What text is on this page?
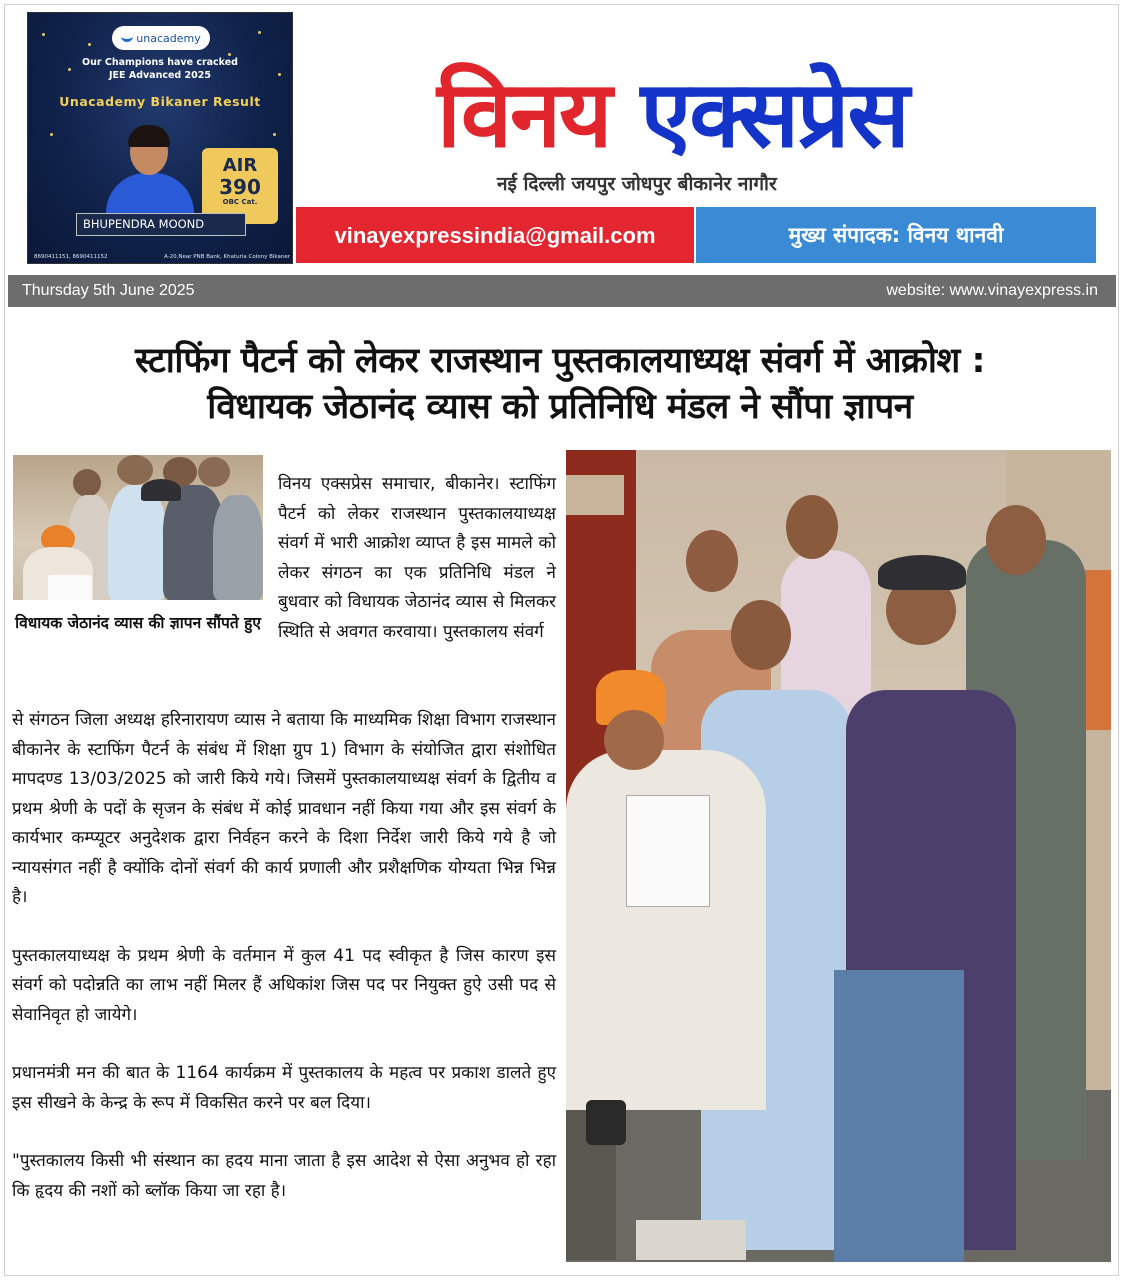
unacademy
Our Champions have cracked
JEE Advanced 2025
Unacademy Bikaner Result
AIR
390
OBC Cat.
BHUPENDRA MOOND
8690411151, 8690411152	A-20,Near PNB Bank, Khaturia Colony Bikaner
विनय एक्सप्रेस
नई दिल्ली जयपुर जोधपुर बीकानेर नागौर
vinayexpressindia@gmail.com	मुख्य संपादक: विनय थानवी
Thursday 5th June 2025	website: www.vinayexpress.in
स्टाफिंग पैटर्न को लेकर राजस्थान पुस्तकालयाध्यक्ष संवर्ग में आक्रोश :
विधायक जेठानंद व्यास को प्रतिनिधि मंडल ने सौंपा ज्ञापन
विधायक जेठानंद व्यास की ज्ञापन सौंपते हुए
विनय एक्सप्रेस समाचार, बीकानेर। स्टाफिंग पैटर्न को लेकर राजस्थान पुस्तकालयाध्यक्ष संवर्ग में भारी आक्रोश व्याप्त है इस मामले को लेकर संगठन का एक प्रतिनिधि मंडल ने बुधवार को विधायक जेठानंद व्यास से मिलकर स्थिति से अवगत करवाया। पुस्तकालय संवर्ग

से संगठन जिला अध्यक्ष हरिनारायण व्यास ने बताया कि माध्यमिक शिक्षा विभाग राजस्थान बीकानेर के स्टाफिंग पैटर्न के संबंध में शिक्षा ग्रुप 1) विभाग के संयोजित द्वारा संशोधित मापदण्ड 13/03/2025 को जारी किये गये। जिसमें पुस्तकालयाध्यक्ष संवर्ग के द्वितीय व प्रथम श्रेणी के पदों के सृजन के संबंध में कोई प्रावधान नहीं किया गया और इस संवर्ग के कार्यभार कम्प्यूटर अनुदेशक द्वारा निर्वहन करने के दिशा निर्देश जारी किये गये है जो न्यायसंगत नहीं है क्योंकि दोनों संवर्ग की कार्य प्रणाली और प्रशैक्षणिक योग्यता भिन्न भिन्न है।

पुस्तकालयाध्यक्ष के प्रथम श्रेणी के वर्तमान में कुल 41 पद स्वीकृत है जिस कारण इस संवर्ग को पदोन्नति का लाभ नहीं मिलर हैं अधिकांश जिस पद पर नियुक्त हुऐ उसी पद से सेवानिवृत हो जायेगे।

प्रधानमंत्री मन की बात के 1164 कार्यक्रम में पुस्तकालय के महत्व पर प्रकाश डालते हुए इस सीखने के केन्द्र के रूप में विकसित करने पर बल दिया।

"पुस्तकालय किसी भी संस्थान का हदय माना जाता है इस आदेश से ऐसा अनुभव हो रहा कि हृदय की नशों को ब्लॉक किया जा रहा है।
